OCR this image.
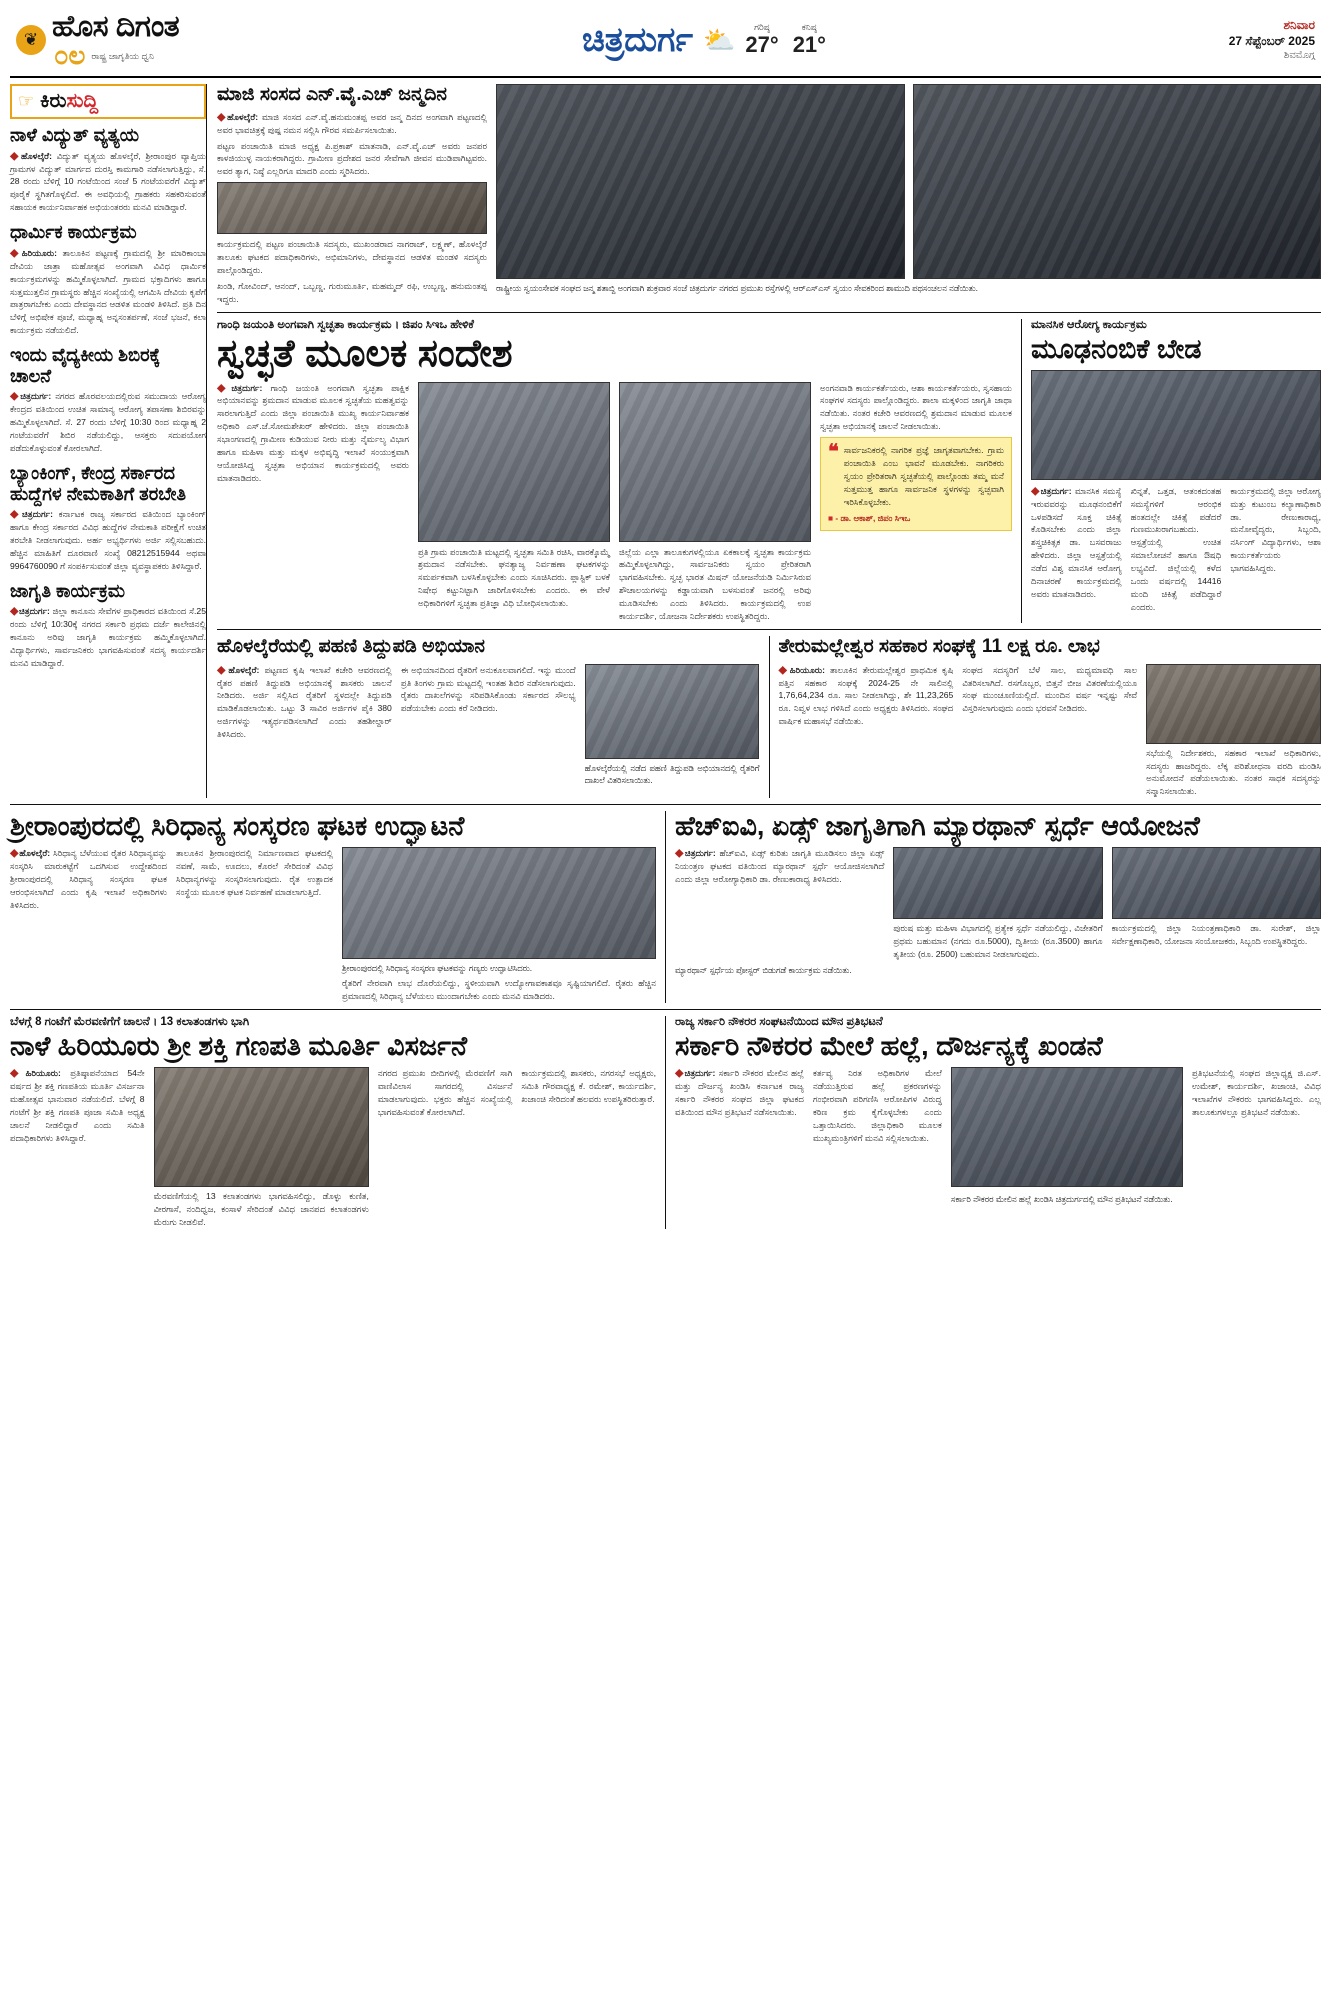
❦ ಹೊಸ ದಿಗಂತ
೦ಲ ರಾಷ್ಟ್ರ ಜಾಗೃತಿಯ ಧ್ವನಿ	ಚಿತ್ರದುರ್ಗ ⛅	ಗರಿಷ್ಠ
27°
ಕನಿಷ್ಠ
21°
ಶನಿವಾರ
27 ಸೆಪ್ಟೆಂಬರ್ 2025
ಶಿವಮೊಗ್ಗ
☞ ಕಿರುಸುದ್ದಿ
ನಾಳೆ ವಿದ್ಯುತ್ ವ್ಯತ್ಯಯ
◆ಹೊಳಲ್ಕೆರೆ: ವಿದ್ಯುತ್ ವ್ಯತ್ಯಯ ಹೊಳಲ್ಕೆರೆ, ಶ್ರೀರಾಂಪುರ ವ್ಯಾಪ್ತಿಯ ಗ್ರಾಮಗಳ ವಿದ್ಯುತ್ ಮಾರ್ಗದ ದುರಸ್ತಿ ಕಾಮಗಾರಿ ನಡೆಸಲಾಗುತ್ತಿದ್ದು, ಸೆ. 28 ರಂದು ಬೆಳಿಗ್ಗೆ 10 ಗಂಟೆಯಿಂದ ಸಂಜೆ 5 ಗಂಟೆಯವರೆಗೆ ವಿದ್ಯುತ್ ಪೂರೈಕೆ ಸ್ಥಗಿತಗೊಳ್ಳಲಿದೆ. ಈ ಅವಧಿಯಲ್ಲಿ ಗ್ರಾಹಕರು ಸಹಕರಿಸುವಂತೆ ಸಹಾಯಕ ಕಾರ್ಯನಿರ್ವಾಹಕ ಅಭಿಯಂತರರು ಮನವಿ ಮಾಡಿದ್ದಾರೆ.
ಧಾರ್ಮಿಕ ಕಾರ್ಯಕ್ರಮ
◆ಹಿರಿಯೂರು: ತಾಲೂಕಿನ ಪಟ್ಟಣಕ್ಕೆ ಗ್ರಾಮದಲ್ಲಿ ಶ್ರೀ ಮಾರಿಕಾಂಬಾ ದೇವಿಯ ಜಾತ್ರಾ ಮಹೋತ್ಸವ ಅಂಗವಾಗಿ ವಿವಿಧ ಧಾರ್ಮಿಕ ಕಾರ್ಯಕ್ರಮಗಳನ್ನು ಹಮ್ಮಿಕೊಳ್ಳಲಾಗಿದೆ. ಗ್ರಾಮದ ಭಕ್ತಾದಿಗಳು ಹಾಗೂ ಸುತ್ತಮುತ್ತಲಿನ ಗ್ರಾಮಸ್ಥರು ಹೆಚ್ಚಿನ ಸಂಖ್ಯೆಯಲ್ಲಿ ಆಗಮಿಸಿ ದೇವಿಯ ಕೃಪೆಗೆ ಪಾತ್ರರಾಗಬೇಕು ಎಂದು ದೇವಸ್ಥಾನದ ಆಡಳಿತ ಮಂಡಳಿ ತಿಳಿಸಿದೆ. ಪ್ರತಿ ದಿನ ಬೆಳಿಗ್ಗೆ ಅಭಿಷೇಕ ಪೂಜೆ, ಮಧ್ಯಾಹ್ನ ಅನ್ನಸಂತರ್ಪಣೆ, ಸಂಜೆ ಭಜನೆ, ಕಲಾ ಕಾರ್ಯಕ್ರಮ ನಡೆಯಲಿದೆ.
ಇಂದು ವೈದ್ಯಕೀಯ ಶಿಬಿರಕ್ಕೆ ಚಾಲನೆ
◆ಚಿತ್ರದುರ್ಗ: ನಗರದ ಹೊರವಲಯದಲ್ಲಿರುವ ಸಮುದಾಯ ಆರೋಗ್ಯ ಕೇಂದ್ರದ ವತಿಯಿಂದ ಉಚಿತ ಸಾಮಾನ್ಯ ಆರೋಗ್ಯ ತಪಾಸಣಾ ಶಿಬಿರವನ್ನು ಹಮ್ಮಿಕೊಳ್ಳಲಾಗಿದೆ. ಸೆ. 27 ರಂದು ಬೆಳಿಗ್ಗೆ 10:30 ರಿಂದ ಮಧ್ಯಾಹ್ನ 2 ಗಂಟೆಯವರೆಗೆ ಶಿಬಿರ ನಡೆಯಲಿದ್ದು, ಆಸಕ್ತರು ಸದುಪಯೋಗ ಪಡೆದುಕೊಳ್ಳುವಂತೆ ಕೋರಲಾಗಿದೆ.
ಬ್ಯಾಂಕಿಂಗ್, ಕೇಂದ್ರ ಸರ್ಕಾರದ ಹುದ್ದೆಗಳ ನೇಮಕಾತಿಗೆ ತರಬೇತಿ
◆ಚಿತ್ರದುರ್ಗ: ಕರ್ನಾಟಕ ರಾಜ್ಯ ಸರ್ಕಾರದ ವತಿಯಿಂದ ಬ್ಯಾಂಕಿಂಗ್ ಹಾಗೂ ಕೇಂದ್ರ ಸರ್ಕಾರದ ವಿವಿಧ ಹುದ್ದೆಗಳ ನೇಮಕಾತಿ ಪರೀಕ್ಷೆಗೆ ಉಚಿತ ತರಬೇತಿ ನೀಡಲಾಗುವುದು. ಅರ್ಹ ಅಭ್ಯರ್ಥಿಗಳು ಅರ್ಜಿ ಸಲ್ಲಿಸಬಹುದು. ಹೆಚ್ಚಿನ ಮಾಹಿತಿಗೆ ದೂರವಾಣಿ ಸಂಖ್ಯೆ 08212515944 ಅಥವಾ 9964760090 ಗೆ ಸಂಪರ್ಕಿಸುವಂತೆ ಜಿಲ್ಲಾ ವ್ಯವಸ್ಥಾಪಕರು ತಿಳಿಸಿದ್ದಾರೆ.
ಜಾಗೃತಿ ಕಾರ್ಯಕ್ರಮ
◆ಚಿತ್ರದುರ್ಗ: ಜಿಲ್ಲಾ ಕಾನೂನು ಸೇವೆಗಳ ಪ್ರಾಧಿಕಾರದ ವತಿಯಿಂದ ಸೆ.25 ರಂದು ಬೆಳಿಗ್ಗೆ 10:30ಕ್ಕೆ ನಗರದ ಸರ್ಕಾರಿ ಪ್ರಥಮ ದರ್ಜೆ ಕಾಲೇಜಿನಲ್ಲಿ ಕಾನೂನು ಅರಿವು ಜಾಗೃತಿ ಕಾರ್ಯಕ್ರಮ ಹಮ್ಮಿಕೊಳ್ಳಲಾಗಿದೆ. ವಿದ್ಯಾರ್ಥಿಗಳು, ಸಾರ್ವಜನಿಕರು ಭಾಗವಹಿಸುವಂತೆ ಸದಸ್ಯ ಕಾರ್ಯದರ್ಶಿ ಮನವಿ ಮಾಡಿದ್ದಾರೆ.
ಮಾಜಿ ಸಂಸದ ಎನ್.ವೈ.ಎಚ್ ಜನ್ಮದಿನ
◆ಹೊಳಲ್ಕೆರೆ: ಮಾಜಿ ಸಂಸದ ಎನ್.ವೈ.ಹನುಮಂತಪ್ಪ ಅವರ ಜನ್ಮ ದಿನದ ಅಂಗವಾಗಿ ಪಟ್ಟಣದಲ್ಲಿ ಅವರ ಭಾವಚಿತ್ರಕ್ಕೆ ಪುಷ್ಪ ನಮನ ಸಲ್ಲಿಸಿ ಗೌರವ ಸಮರ್ಪಿಸಲಾಯಿತು.
ಪಟ್ಟಣ ಪಂಚಾಯಿತಿ ಮಾಜಿ ಅಧ್ಯಕ್ಷ ಪಿ.ಪ್ರಕಾಶ್ ಮಾತನಾಡಿ, ಎನ್.ವೈ.ಎಚ್ ಅವರು ಜನಪರ ಕಾಳಜಿಯುಳ್ಳ ನಾಯಕರಾಗಿದ್ದರು. ಗ್ರಾಮೀಣ ಪ್ರದೇಶದ ಜನರ ಸೇವೆಗಾಗಿ ಜೀವನ ಮುಡಿಪಾಗಿಟ್ಟವರು. ಅವರ ತ್ಯಾಗ, ನಿಷ್ಠೆ ಎಲ್ಲರಿಗೂ ಮಾದರಿ ಎಂದು ಸ್ಮರಿಸಿದರು.
ಕಾರ್ಯಕ್ರಮದಲ್ಲಿ ಪಟ್ಟಣ ಪಂಚಾಯಿತಿ ಸದಸ್ಯರು, ಮುಖಂಡರಾದ ನಾಗರಾಜ್, ಲಕ್ಷ್ಮಣ್, ಹೊಳಲ್ಕೆರೆ ತಾಲೂಕು ಘಟಕದ ಪದಾಧಿಕಾರಿಗಳು, ಅಭಿಮಾನಿಗಳು, ದೇವಸ್ಥಾನದ ಆಡಳಿತ ಮಂಡಳಿ ಸದಸ್ಯರು ಪಾಲ್ಗೊಂಡಿದ್ದರು.
ಖಂಡಿ, ಗೋವಿಂದ್, ಆನಂದ್, ಒಬ್ಬಣ್ಣ, ಗುರುಮೂರ್ತಿ, ಮಹಮ್ಮದ್ ರಫಿ, ಉಬ್ಬಣ್ಣ, ಹನುಮಂತಪ್ಪ ಇದ್ದರು.
ರಾಷ್ಟ್ರೀಯ ಸ್ವಯಂಸೇವಕ ಸಂಘದ ಜನ್ಮ ಶತಾಬ್ದಿ ಅಂಗವಾಗಿ ಶುಕ್ರವಾರ ಸಂಜೆ ಚಿತ್ರದುರ್ಗ ನಗರದ ಪ್ರಮುಖ ರಸ್ತೆಗಳಲ್ಲಿ ಆರ್‌ಎಸ್‌ಎಸ್ ಸ್ವಯಂ ಸೇವಕರಿಂದ ಶಾಮುದಿ ಪಥಸಂಚಲನ ನಡೆಯಿತು.
ಗಾಂಧಿ ಜಯಂತಿ ಅಂಗವಾಗಿ ಸ್ವಚ್ಛತಾ ಕಾರ್ಯಕ್ರಮ । ಜಿಪಂ ಸಿಇಒ ಹೇಳಿಕೆ
ಸ್ವಚ್ಛತೆ ಮೂಲಕ ಸಂದೇಶ
◆ಚಿತ್ರದುರ್ಗ: ಗಾಂಧಿ ಜಯಂತಿ ಅಂಗವಾಗಿ ಸ್ವಚ್ಛತಾ ಪಾಕ್ಷಿಕ ಅಭಿಯಾನವನ್ನು ಶ್ರಮದಾನ ಮಾಡುವ ಮೂಲಕ ಸ್ವಚ್ಛತೆಯ ಮಹತ್ವವನ್ನು ಸಾರಲಾಗುತ್ತಿದೆ ಎಂದು ಜಿಲ್ಲಾ ಪಂಚಾಯಿತಿ ಮುಖ್ಯ ಕಾರ್ಯನಿರ್ವಾಹಕ ಅಧಿಕಾರಿ ಎಸ್.ಜೆ.ಸೋಮಶೇಖರ್ ಹೇಳಿದರು. ಜಿಲ್ಲಾ ಪಂಚಾಯಿತಿ ಸಭಾಂಗಣದಲ್ಲಿ ಗ್ರಾಮೀಣ ಕುಡಿಯುವ ನೀರು ಮತ್ತು ನೈರ್ಮಲ್ಯ ವಿಭಾಗ ಹಾಗೂ ಮಹಿಳಾ ಮತ್ತು ಮಕ್ಕಳ ಅಭಿವೃದ್ಧಿ ಇಲಾಖೆ ಸಂಯುಕ್ತವಾಗಿ ಆಯೋಜಿಸಿದ್ದ ಸ್ವಚ್ಛತಾ ಅಭಿಯಾನ ಕಾರ್ಯಕ್ರಮದಲ್ಲಿ ಅವರು ಮಾತನಾಡಿದರು.
ಪ್ರತಿ ಗ್ರಾಮ ಪಂಚಾಯಿತಿ ಮಟ್ಟದಲ್ಲಿ ಸ್ವಚ್ಛತಾ ಸಮಿತಿ ರಚಿಸಿ, ವಾರಕ್ಕೊಮ್ಮೆ ಶ್ರಮದಾನ ನಡೆಸಬೇಕು. ಘನತ್ಯಾಜ್ಯ ನಿರ್ವಹಣಾ ಘಟಕಗಳನ್ನು ಸಮರ್ಪಕವಾಗಿ ಬಳಸಿಕೊಳ್ಳಬೇಕು ಎಂದು ಸೂಚಿಸಿದರು. ಪ್ಲಾಸ್ಟಿಕ್ ಬಳಕೆ ನಿಷೇಧ ಕಟ್ಟುನಿಟ್ಟಾಗಿ ಜಾರಿಗೊಳಿಸಬೇಕು ಎಂದರು. ಈ ವೇಳೆ ಅಧಿಕಾರಿಗಳಿಗೆ ಸ್ವಚ್ಛತಾ ಪ್ರತಿಜ್ಞಾ ವಿಧಿ ಬೋಧಿಸಲಾಯಿತು.
ಜಿಲ್ಲೆಯ ಎಲ್ಲಾ ತಾಲೂಕುಗಳಲ್ಲಿಯೂ ಏಕಕಾಲಕ್ಕೆ ಸ್ವಚ್ಛತಾ ಕಾರ್ಯಕ್ರಮ ಹಮ್ಮಿಕೊಳ್ಳಲಾಗಿದ್ದು, ಸಾರ್ವಜನಿಕರು ಸ್ವಯಂ ಪ್ರೇರಿತರಾಗಿ ಭಾಗವಹಿಸಬೇಕು. ಸ್ವಚ್ಛ ಭಾರತ ಮಿಷನ್ ಯೋಜನೆಯಡಿ ನಿರ್ಮಿಸಿರುವ ಶೌಚಾಲಯಗಳನ್ನು ಕಡ್ಡಾಯವಾಗಿ ಬಳಸುವಂತೆ ಜನರಲ್ಲಿ ಅರಿವು ಮೂಡಿಸಬೇಕು ಎಂದು ತಿಳಿಸಿದರು. ಕಾರ್ಯಕ್ರಮದಲ್ಲಿ ಉಪ ಕಾರ್ಯದರ್ಶಿ, ಯೋಜನಾ ನಿರ್ದೇಶಕರು ಉಪಸ್ಥಿತರಿದ್ದರು.
ಅಂಗನವಾಡಿ ಕಾರ್ಯಕರ್ತೆಯರು, ಆಶಾ ಕಾರ್ಯಕರ್ತೆಯರು, ಸ್ವಸಹಾಯ ಸಂಘಗಳ ಸದಸ್ಯರು ಪಾಲ್ಗೊಂಡಿದ್ದರು. ಶಾಲಾ ಮಕ್ಕಳಿಂದ ಜಾಗೃತಿ ಜಾಥಾ ನಡೆಯಿತು. ನಂತರ ಕಚೇರಿ ಆವರಣದಲ್ಲಿ ಶ್ರಮದಾನ ಮಾಡುವ ಮೂಲಕ ಸ್ವಚ್ಛತಾ ಅಭಿಯಾನಕ್ಕೆ ಚಾಲನೆ ನೀಡಲಾಯಿತು.
❝ ಸಾರ್ವಜನಿಕರಲ್ಲಿ ನಾಗರಿಕ ಪ್ರಜ್ಞೆ ಜಾಗೃತವಾಗಬೇಕು. ಗ್ರಾಮ ಪಂಚಾಯಿತಿ ಎಂಬ ಭಾವನೆ ಮೂಡಬೇಕು. ನಾಗರಿಕರು ಸ್ವಯಂ ಪ್ರೇರಿತರಾಗಿ ಸ್ವಚ್ಛತೆಯಲ್ಲಿ ಪಾಲ್ಗೊಂಡು ತಮ್ಮ ಮನೆ ಸುತ್ತಮುತ್ತ ಹಾಗೂ ಸಾರ್ವಜನಿಕ ಸ್ಥಳಗಳನ್ನು ಸ್ವಚ್ಛವಾಗಿ ಇರಿಸಿಕೊಳ್ಳಬೇಕು.
■ - ಡಾ. ಆಕಾಶ್, ಜಿಪಂ ಸಿಇಒ
ಮಾನಸಿಕ ಆರೋಗ್ಯ ಕಾರ್ಯಕ್ರಮ
ಮೂಢನಂಬಿಕೆ ಬೇಡ
◆ಚಿತ್ರದುರ್ಗ: ಮಾನಸಿಕ ಸಮಸ್ಯೆ ಇರುವವರನ್ನು ಮೂಢನಂಬಿಕೆಗೆ ಒಳಪಡಿಸದೆ ಸೂಕ್ತ ಚಿಕಿತ್ಸೆ ಕೊಡಿಸಬೇಕು ಎಂದು ಜಿಲ್ಲಾ ಶಸ್ತ್ರಚಿಕಿತ್ಸಕ ಡಾ. ಬಸವರಾಜು ಹೇಳಿದರು. ಜಿಲ್ಲಾ ಆಸ್ಪತ್ರೆಯಲ್ಲಿ ನಡೆದ ವಿಶ್ವ ಮಾನಸಿಕ ಆರೋಗ್ಯ ದಿನಾಚರಣೆ ಕಾರ್ಯಕ್ರಮದಲ್ಲಿ ಅವರು ಮಾತನಾಡಿದರು.
ಖಿನ್ನತೆ, ಒತ್ತಡ, ಆತಂಕದಂತಹ ಸಮಸ್ಯೆಗಳಿಗೆ ಆರಂಭಿಕ ಹಂತದಲ್ಲೇ ಚಿಕಿತ್ಸೆ ಪಡೆದರೆ ಗುಣಮುಖರಾಗಬಹುದು. ಆಸ್ಪತ್ರೆಯಲ್ಲಿ ಉಚಿತ ಸಮಾಲೋಚನೆ ಹಾಗೂ ಔಷಧಿ ಲಭ್ಯವಿದೆ. ಜಿಲ್ಲೆಯಲ್ಲಿ ಕಳೆದ ಒಂದು ವರ್ಷದಲ್ಲಿ 14416 ಮಂದಿ ಚಿಕಿತ್ಸೆ ಪಡೆದಿದ್ದಾರೆ ಎಂದರು.
ಕಾರ್ಯಕ್ರಮದಲ್ಲಿ ಜಿಲ್ಲಾ ಆರೋಗ್ಯ ಮತ್ತು ಕುಟುಂಬ ಕಲ್ಯಾಣಾಧಿಕಾರಿ ಡಾ. ರೇಣುಕಾರಾಧ್ಯ, ಮನೋವೈದ್ಯರು, ಸಿಬ್ಬಂದಿ, ನರ್ಸಿಂಗ್ ವಿದ್ಯಾರ್ಥಿಗಳು, ಆಶಾ ಕಾರ್ಯಕರ್ತೆಯರು ಭಾಗವಹಿಸಿದ್ದರು.
ಹೊಳಲ್ಕೆರೆಯಲ್ಲಿ ಪಹಣಿ ತಿದ್ದುಪಡಿ ಅಭಿಯಾನ
◆ಹೊಳಲ್ಕೆರೆ: ಪಟ್ಟಣದ ಕೃಷಿ ಇಲಾಖೆ ಕಚೇರಿ ಆವರಣದಲ್ಲಿ ರೈತರ ಪಹಣಿ ತಿದ್ದುಪಡಿ ಅಭಿಯಾನಕ್ಕೆ ಶಾಸಕರು ಚಾಲನೆ ನೀಡಿದರು. ಅರ್ಜಿ ಸಲ್ಲಿಸಿದ ರೈತರಿಗೆ ಸ್ಥಳದಲ್ಲೇ ತಿದ್ದುಪಡಿ ಮಾಡಿಕೊಡಲಾಯಿತು. ಒಟ್ಟು 3 ಸಾವಿರ ಅರ್ಜಿಗಳ ಪೈಕಿ 380 ಅರ್ಜಿಗಳನ್ನು ಇತ್ಯರ್ಥಪಡಿಸಲಾಗಿದೆ ಎಂದು ತಹಶೀಲ್ದಾರ್ ತಿಳಿಸಿದರು.
ಈ ಅಭಿಯಾನದಿಂದ ರೈತರಿಗೆ ಅನುಕೂಲವಾಗಲಿದೆ. ಇನ್ನು ಮುಂದೆ ಪ್ರತಿ ತಿಂಗಳು ಗ್ರಾಮ ಮಟ್ಟದಲ್ಲಿ ಇಂತಹ ಶಿಬಿರ ನಡೆಸಲಾಗುವುದು. ರೈತರು ದಾಖಲೆಗಳನ್ನು ಸರಿಪಡಿಸಿಕೊಂಡು ಸರ್ಕಾರದ ಸೌಲಭ್ಯ ಪಡೆಯಬೇಕು ಎಂದು ಕರೆ ನೀಡಿದರು.
ಹೊಳಲ್ಕೆರೆಯಲ್ಲಿ ನಡೆದ ಪಹಣಿ ತಿದ್ದುಪಡಿ ಅಭಿಯಾನದಲ್ಲಿ ರೈತರಿಗೆ ದಾಖಲೆ ವಿತರಿಸಲಾಯಿತು.
ತೇರುಮಲ್ಲೇಶ್ವರ ಸಹಕಾರ ಸಂಘಕ್ಕೆ 11 ಲಕ್ಷ ರೂ. ಲಾಭ
◆ಹಿರಿಯೂರು: ತಾಲೂಕಿನ ತೇರುಮಲ್ಲೇಶ್ವರ ಪ್ರಾಥಮಿಕ ಕೃಷಿ ಪತ್ತಿನ ಸಹಕಾರ ಸಂಘಕ್ಕೆ 2024-25 ನೇ ಸಾಲಿನಲ್ಲಿ 1,76,64,234 ರೂ. ಸಾಲ ನೀಡಲಾಗಿದ್ದು, ಶೇ 11,23,265 ರೂ. ನಿವ್ವಳ ಲಾಭ ಗಳಿಸಿದೆ ಎಂದು ಅಧ್ಯಕ್ಷರು ತಿಳಿಸಿದರು. ಸಂಘದ ವಾರ್ಷಿಕ ಮಹಾಸಭೆ ನಡೆಯಿತು.
ಸಂಘದ ಸದಸ್ಯರಿಗೆ ಬೆಳೆ ಸಾಲ, ಮಧ್ಯಮಾವಧಿ ಸಾಲ ವಿತರಿಸಲಾಗಿದೆ. ರಸಗೊಬ್ಬರ, ಬಿತ್ತನೆ ಬೀಜ ವಿತರಣೆಯಲ್ಲಿಯೂ ಸಂಘ ಮುಂಚೂಣಿಯಲ್ಲಿದೆ. ಮುಂದಿನ ವರ್ಷ ಇನ್ನಷ್ಟು ಸೇವೆ ವಿಸ್ತರಿಸಲಾಗುವುದು ಎಂದು ಭರವಸೆ ನೀಡಿದರು.
ಸಭೆಯಲ್ಲಿ ನಿರ್ದೇಶಕರು, ಸಹಕಾರ ಇಲಾಖೆ ಅಧಿಕಾರಿಗಳು, ಸದಸ್ಯರು ಹಾಜರಿದ್ದರು. ಲೆಕ್ಕ ಪರಿಶೋಧನಾ ವರದಿ ಮಂಡಿಸಿ ಅನುಮೋದನೆ ಪಡೆಯಲಾಯಿತು. ನಂತರ ಸಾಧಕ ಸದಸ್ಯರನ್ನು ಸನ್ಮಾನಿಸಲಾಯಿತು.
ಶ್ರೀರಾಂಪುರದಲ್ಲಿ ಸಿರಿಧಾನ್ಯ ಸಂಸ್ಕರಣ ಘಟಕ ಉದ್ಘಾಟನೆ
◆ಹೊಳಲ್ಕೆರೆ: ಸಿರಿಧಾನ್ಯ ಬೆಳೆಯುವ ರೈತರ ಸಿರಿಧಾನ್ಯವನ್ನು ಸಂಸ್ಕರಿಸಿ ಮಾರುಕಟ್ಟೆಗೆ ಒದಗಿಸುವ ಉದ್ದೇಶದಿಂದ ಶ್ರೀರಾಂಪುರದಲ್ಲಿ ಸಿರಿಧಾನ್ಯ ಸಂಸ್ಕರಣ ಘಟಕ ಆರಂಭಿಸಲಾಗಿದೆ ಎಂದು ಕೃಷಿ ಇಲಾಖೆ ಅಧಿಕಾರಿಗಳು ತಿಳಿಸಿದರು.
ತಾಲೂಕಿನ ಶ್ರೀರಾಂಪುರದಲ್ಲಿ ನಿರ್ಮಾಣವಾದ ಘಟಕದಲ್ಲಿ ನವಣೆ, ಸಾಮೆ, ಊದಲು, ಕೊರಲೆ ಸೇರಿದಂತೆ ವಿವಿಧ ಸಿರಿಧಾನ್ಯಗಳನ್ನು ಸಂಸ್ಕರಿಸಲಾಗುವುದು. ರೈತ ಉತ್ಪಾದಕ ಸಂಸ್ಥೆಯ ಮೂಲಕ ಘಟಕ ನಿರ್ವಹಣೆ ಮಾಡಲಾಗುತ್ತಿದೆ.
ಶ್ರೀರಾಂಪುರದಲ್ಲಿ ಸಿರಿಧಾನ್ಯ ಸಂಸ್ಕರಣ ಘಟಕವನ್ನು ಗಣ್ಯರು ಉದ್ಘಾಟಿಸಿದರು.
ರೈತರಿಗೆ ನೇರವಾಗಿ ಲಾಭ ದೊರೆಯಲಿದ್ದು, ಸ್ಥಳೀಯವಾಗಿ ಉದ್ಯೋಗಾವಕಾಶವೂ ಸೃಷ್ಟಿಯಾಗಲಿದೆ. ರೈತರು ಹೆಚ್ಚಿನ ಪ್ರಮಾಣದಲ್ಲಿ ಸಿರಿಧಾನ್ಯ ಬೆಳೆಯಲು ಮುಂದಾಗಬೇಕು ಎಂದು ಮನವಿ ಮಾಡಿದರು.
ಹೆಚ್‌ಐವಿ, ಏಡ್ಸ್ ಜಾಗೃತಿಗಾಗಿ ಮ್ಯಾರಥಾನ್ ಸ್ಪರ್ಧೆ ಆಯೋಜನೆ
◆ಚಿತ್ರದುರ್ಗ: ಹೆಚ್‌ಐವಿ, ಏಡ್ಸ್ ಕುರಿತು ಜಾಗೃತಿ ಮೂಡಿಸಲು ಜಿಲ್ಲಾ ಏಡ್ಸ್ ನಿಯಂತ್ರಣ ಘಟಕದ ವತಿಯಿಂದ ಮ್ಯಾರಥಾನ್ ಸ್ಪರ್ಧೆ ಆಯೋಜಿಸಲಾಗಿದೆ ಎಂದು ಜಿಲ್ಲಾ ಆರೋಗ್ಯಾಧಿಕಾರಿ ಡಾ. ರೇಣುಕಾರಾಧ್ಯ ತಿಳಿಸಿದರು.
ಪುರುಷ ಮತ್ತು ಮಹಿಳಾ ವಿಭಾಗದಲ್ಲಿ ಪ್ರತ್ಯೇಕ ಸ್ಪರ್ಧೆ ನಡೆಯಲಿದ್ದು, ವಿಜೇತರಿಗೆ ಪ್ರಥಮ ಬಹುಮಾನ (ನಗದು ರೂ.5000), ದ್ವಿತೀಯ (ರೂ.3500) ಹಾಗೂ ತೃತೀಯ (ರೂ. 2500) ಬಹುಮಾನ ನೀಡಲಾಗುವುದು.
ಕಾರ್ಯಕ್ರಮದಲ್ಲಿ ಜಿಲ್ಲಾ ನಿಯಂತ್ರಣಾಧಿಕಾರಿ ಡಾ. ಸುರೇಶ್, ಜಿಲ್ಲಾ ಸರ್ವೇಕ್ಷಣಾಧಿಕಾರಿ, ಯೋಜನಾ ಸಂಯೋಜಕರು, ಸಿಬ್ಬಂದಿ ಉಪಸ್ಥಿತರಿದ್ದರು.
ಮ್ಯಾರಥಾನ್ ಸ್ಪರ್ಧೆಯ ಪೋಸ್ಟರ್ ಬಿಡುಗಡೆ ಕಾರ್ಯಕ್ರಮ ನಡೆಯಿತು.
ಬೆಳಗ್ಗೆ 8 ಗಂಟೆಗೆ ಮೆರವಣಿಗೆಗೆ ಚಾಲನೆ । 13 ಕಲಾತಂಡಗಳು ಭಾಗಿ
ನಾಳೆ ಹಿರಿಯೂರು ಶ್ರೀ ಶಕ್ತಿ ಗಣಪತಿ ಮೂರ್ತಿ ವಿಸರ್ಜನೆ
◆ಹಿರಿಯೂರು: ಪ್ರತಿಷ್ಠಾಪನೆಯಾದ 54ನೇ ವರ್ಷದ ಶ್ರೀ ಶಕ್ತಿ ಗಣಪತಿಯ ಮೂರ್ತಿ ವಿಸರ್ಜನಾ ಮಹೋತ್ಸವ ಭಾನುವಾರ ನಡೆಯಲಿದೆ. ಬೆಳಗ್ಗೆ 8 ಗಂಟೆಗೆ ಶ್ರೀ ಶಕ್ತಿ ಗಣಪತಿ ಪೂಜಾ ಸಮಿತಿ ಅಧ್ಯಕ್ಷ ಚಾಲನೆ ನೀಡಲಿದ್ದಾರೆ ಎಂದು ಸಮಿತಿ ಪದಾಧಿಕಾರಿಗಳು ತಿಳಿಸಿದ್ದಾರೆ.
ಮೆರವಣಿಗೆಯಲ್ಲಿ 13 ಕಲಾತಂಡಗಳು ಭಾಗವಹಿಸಲಿದ್ದು, ಡೊಳ್ಳು ಕುಣಿತ, ವೀರಗಾಸೆ, ನಂದಿಧ್ವಜ, ಕಂಸಾಳೆ ಸೇರಿದಂತೆ ವಿವಿಧ ಜಾನಪದ ಕಲಾತಂಡಗಳು ಮೆರುಗು ನೀಡಲಿವೆ.
ನಗರದ ಪ್ರಮುಖ ಬೀದಿಗಳಲ್ಲಿ ಮೆರವಣಿಗೆ ಸಾಗಿ ವಾಣಿವಿಲಾಸ ಸಾಗರದಲ್ಲಿ ವಿಸರ್ಜನೆ ಮಾಡಲಾಗುವುದು. ಭಕ್ತರು ಹೆಚ್ಚಿನ ಸಂಖ್ಯೆಯಲ್ಲಿ ಭಾಗವಹಿಸುವಂತೆ ಕೋರಲಾಗಿದೆ.
ಕಾರ್ಯಕ್ರಮದಲ್ಲಿ ಶಾಸಕರು, ನಗರಸಭೆ ಅಧ್ಯಕ್ಷರು, ಸಮಿತಿ ಗೌರವಾಧ್ಯಕ್ಷ ಕೆ. ರಮೇಶ್, ಕಾರ್ಯದರ್ಶಿ, ಖಜಾಂಚಿ ಸೇರಿದಂತೆ ಹಲವರು ಉಪಸ್ಥಿತರಿರುತ್ತಾರೆ.
ರಾಜ್ಯ ಸರ್ಕಾರಿ ನೌಕರರ ಸಂಘಟನೆಯಿಂದ ಮೌನ ಪ್ರತಿಭಟನೆ
ಸರ್ಕಾರಿ ನೌಕರರ ಮೇಲೆ ಹಲ್ಲೆ, ದೌರ್ಜನ್ಯಕ್ಕೆ ಖಂಡನೆ
◆ಚಿತ್ರದುರ್ಗ: ಸರ್ಕಾರಿ ನೌಕರರ ಮೇಲಿನ ಹಲ್ಲೆ ಮತ್ತು ದೌರ್ಜನ್ಯ ಖಂಡಿಸಿ ಕರ್ನಾಟಕ ರಾಜ್ಯ ಸರ್ಕಾರಿ ನೌಕರರ ಸಂಘದ ಜಿಲ್ಲಾ ಘಟಕದ ವತಿಯಿಂದ ಮೌನ ಪ್ರತಿಭಟನೆ ನಡೆಸಲಾಯಿತು.
ಕರ್ತವ್ಯ ನಿರತ ಅಧಿಕಾರಿಗಳ ಮೇಲೆ ನಡೆಯುತ್ತಿರುವ ಹಲ್ಲೆ ಪ್ರಕರಣಗಳನ್ನು ಗಂಭೀರವಾಗಿ ಪರಿಗಣಿಸಿ ಆರೋಪಿಗಳ ವಿರುದ್ಧ ಕಠಿಣ ಕ್ರಮ ಕೈಗೊಳ್ಳಬೇಕು ಎಂದು ಒತ್ತಾಯಿಸಿದರು. ಜಿಲ್ಲಾಧಿಕಾರಿ ಮೂಲಕ ಮುಖ್ಯಮಂತ್ರಿಗಳಿಗೆ ಮನವಿ ಸಲ್ಲಿಸಲಾಯಿತು.
ಸರ್ಕಾರಿ ನೌಕರರ ಮೇಲಿನ ಹಲ್ಲೆ ಖಂಡಿಸಿ ಚಿತ್ರದುರ್ಗದಲ್ಲಿ ಮೌನ ಪ್ರತಿಭಟನೆ ನಡೆಯಿತು.
ಪ್ರತಿಭಟನೆಯಲ್ಲಿ ಸಂಘದ ಜಿಲ್ಲಾಧ್ಯಕ್ಷ ಜಿ.ಎಸ್. ಉಮೇಶ್, ಕಾರ್ಯದರ್ಶಿ, ಖಜಾಂಚಿ, ವಿವಿಧ ಇಲಾಖೆಗಳ ನೌಕರರು ಭಾಗವಹಿಸಿದ್ದರು. ಎಲ್ಲ ತಾಲೂಕುಗಳಲ್ಲೂ ಪ್ರತಿಭಟನೆ ನಡೆಯಿತು.
